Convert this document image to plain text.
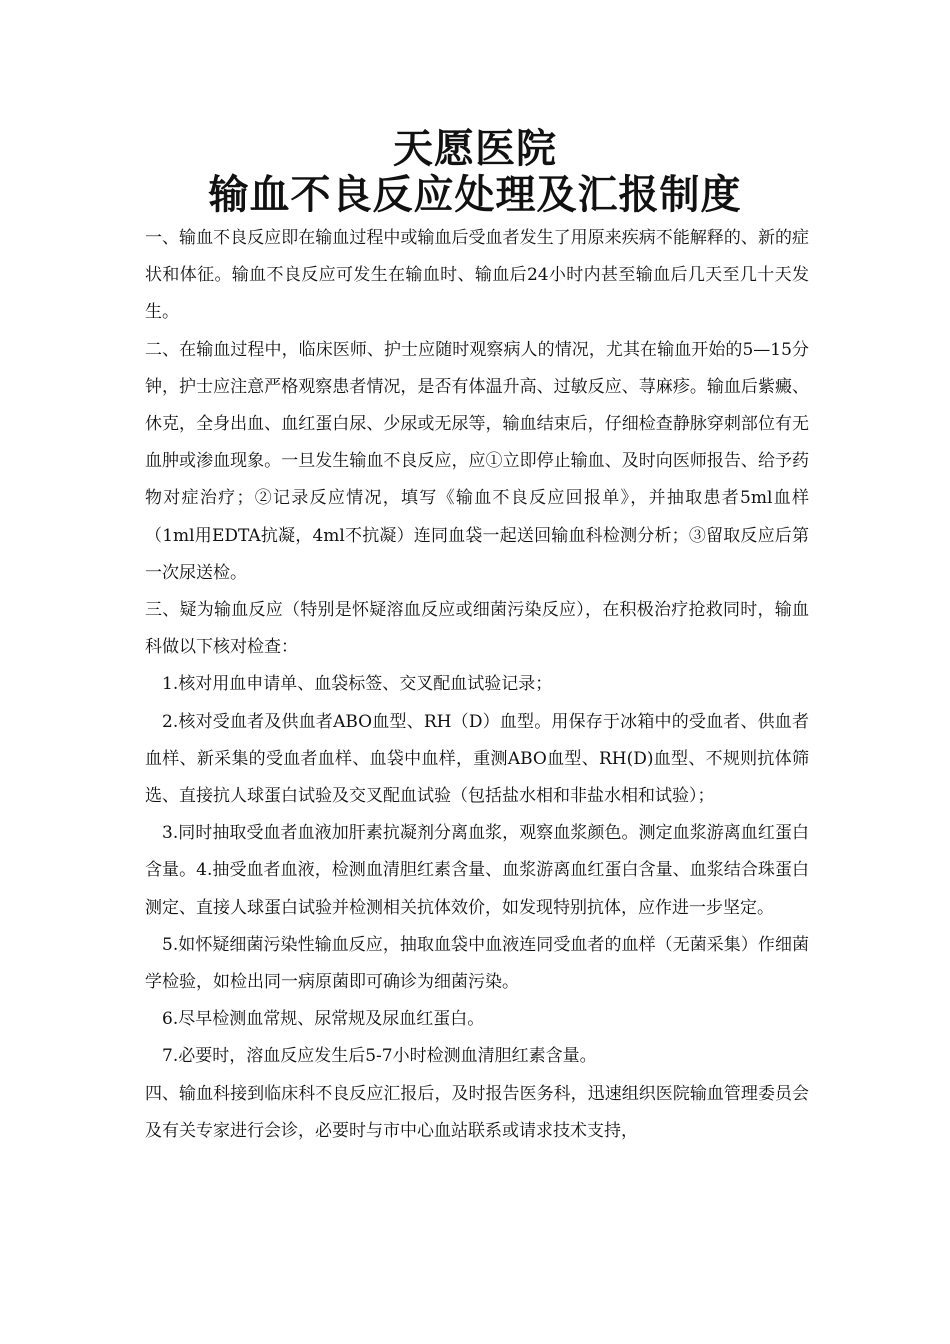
天愿医院
输血不良反应处理及汇报制度

一、输血不良反应即在输血过程中或输血后受血者发生了用原来疾病不能解释的、新的症状和体征。输血不良反应可发生在输血时、输血后24小时内甚至输血后几天至几十天发生。

二、在输血过程中，临床医师、护士应随时观察病人的情况，尤其在输血开始的5—15分钟，护士应注意严格观察患者情况，是否有体温升高、过敏反应、荨麻疹。输血后紫癜、休克，全身出血、血红蛋白尿、少尿或无尿等，输血结束后，仔细检查静脉穿刺部位有无血肿或渗血现象。一旦发生输血不良反应，应①立即停止输血、及时向医师报告、给予药物对症治疗；②记录反应情况，填写《输血不良反应回报单》，并抽取患者5ml血样（1ml用EDTA抗凝，4ml不抗凝）连同血袋一起送回输血科检测分析；③留取反应后第一次尿送检。

三、疑为输血反应（特别是怀疑溶血反应或细菌污染反应），在积极治疗抢救同时，输血科做以下核对检查：

1.核对用血申请单、血袋标签、交叉配血试验记录；

2.核对受血者及供血者ABO血型、RH（D）血型。用保存于冰箱中的受血者、供血者血样、新采集的受血者血样、血袋中血样，重测ABO血型、RH(D)血型、不规则抗体筛选、直接抗人球蛋白试验及交叉配血试验（包括盐水相和非盐水相和试验）；

3.同时抽取受血者血液加肝素抗凝剂分离血浆，观察血浆颜色。测定血浆游离血红蛋白含量。4.抽受血者血液，检测血清胆红素含量、血浆游离血红蛋白含量、血浆结合珠蛋白测定、直接人球蛋白试验并检测相关抗体效价，如发现特别抗体，应作进一步坚定。

5.如怀疑细菌污染性输血反应，抽取血袋中血液连同受血者的血样（无菌采集）作细菌学检验，如检出同一病原菌即可确诊为细菌污染。

6.尽早检测血常规、尿常规及尿血红蛋白。

7.必要时，溶血反应发生后5-7小时检测血清胆红素含量。

四、输血科接到临床科不良反应汇报后，及时报告医务科，迅速组织医院输血管理委员会及有关专家进行会诊，必要时与市中心血站联系或请求技术支持，
